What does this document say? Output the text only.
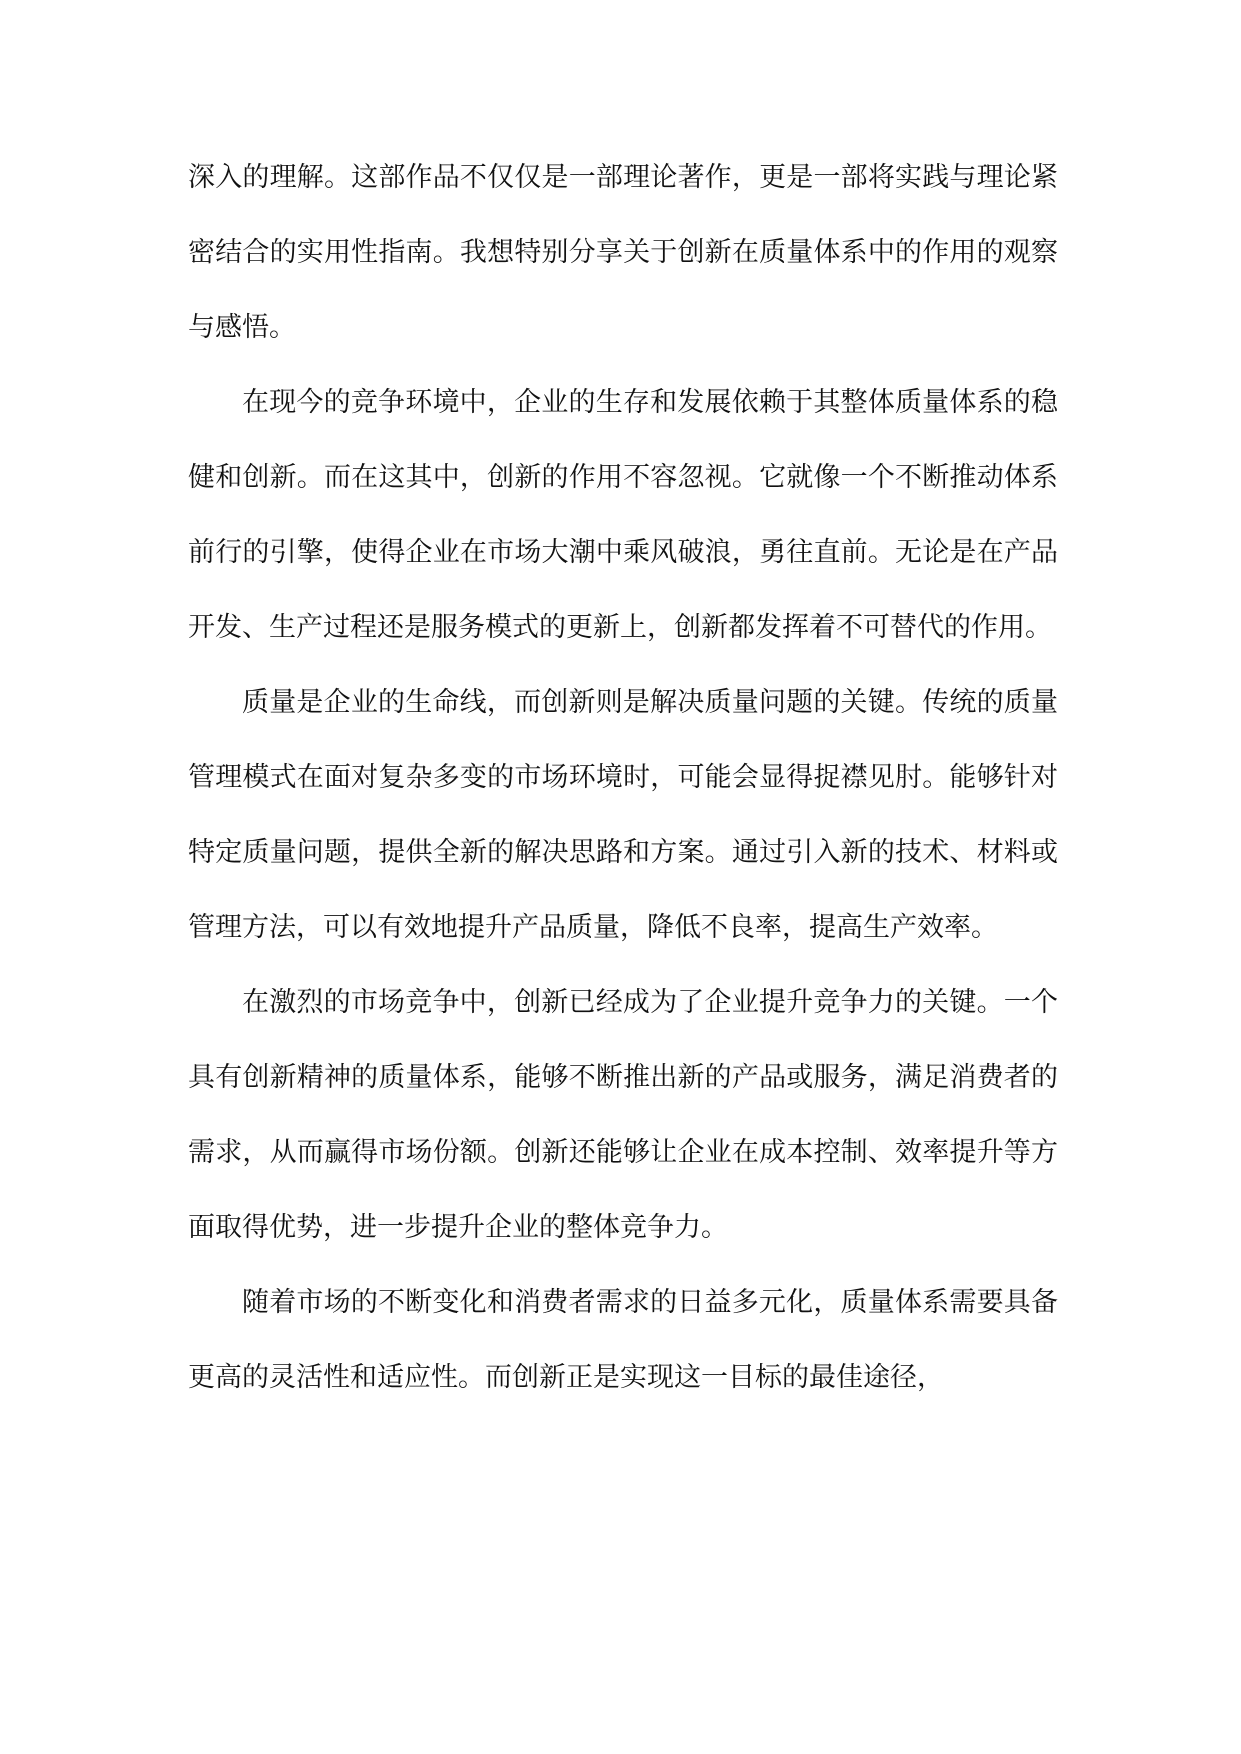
深入的理解。这部作品不仅仅是一部理论著作，更是一部将实践与理论紧密结合的实用性指南。我想特别分享关于创新在质量体系中的作用的观察与感悟。

在现今的竞争环境中，企业的生存和发展依赖于其整体质量体系的稳健和创新。而在这其中，创新的作用不容忽视。它就像一个不断推动体系前行的引擎，使得企业在市场大潮中乘风破浪，勇往直前。无论是在产品开发、生产过程还是服务模式的更新上，创新都发挥着不可替代的作用。

质量是企业的生命线，而创新则是解决质量问题的关键。传统的质量管理模式在面对复杂多变的市场环境时，可能会显得捉襟见肘。能够针对特定质量问题，提供全新的解决思路和方案。通过引入新的技术、材料或管理方法，可以有效地提升产品质量，降低不良率，提高生产效率。

在激烈的市场竞争中，创新已经成为了企业提升竞争力的关键。一个具有创新精神的质量体系，能够不断推出新的产品或服务，满足消费者的需求，从而赢得市场份额。创新还能够让企业在成本控制、效率提升等方面取得优势，进一步提升企业的整体竞争力。

随着市场的不断变化和消费者需求的日益多元化，质量体系需要具备更高的灵活性和适应性。而创新正是实现这一目标的最佳途径，
